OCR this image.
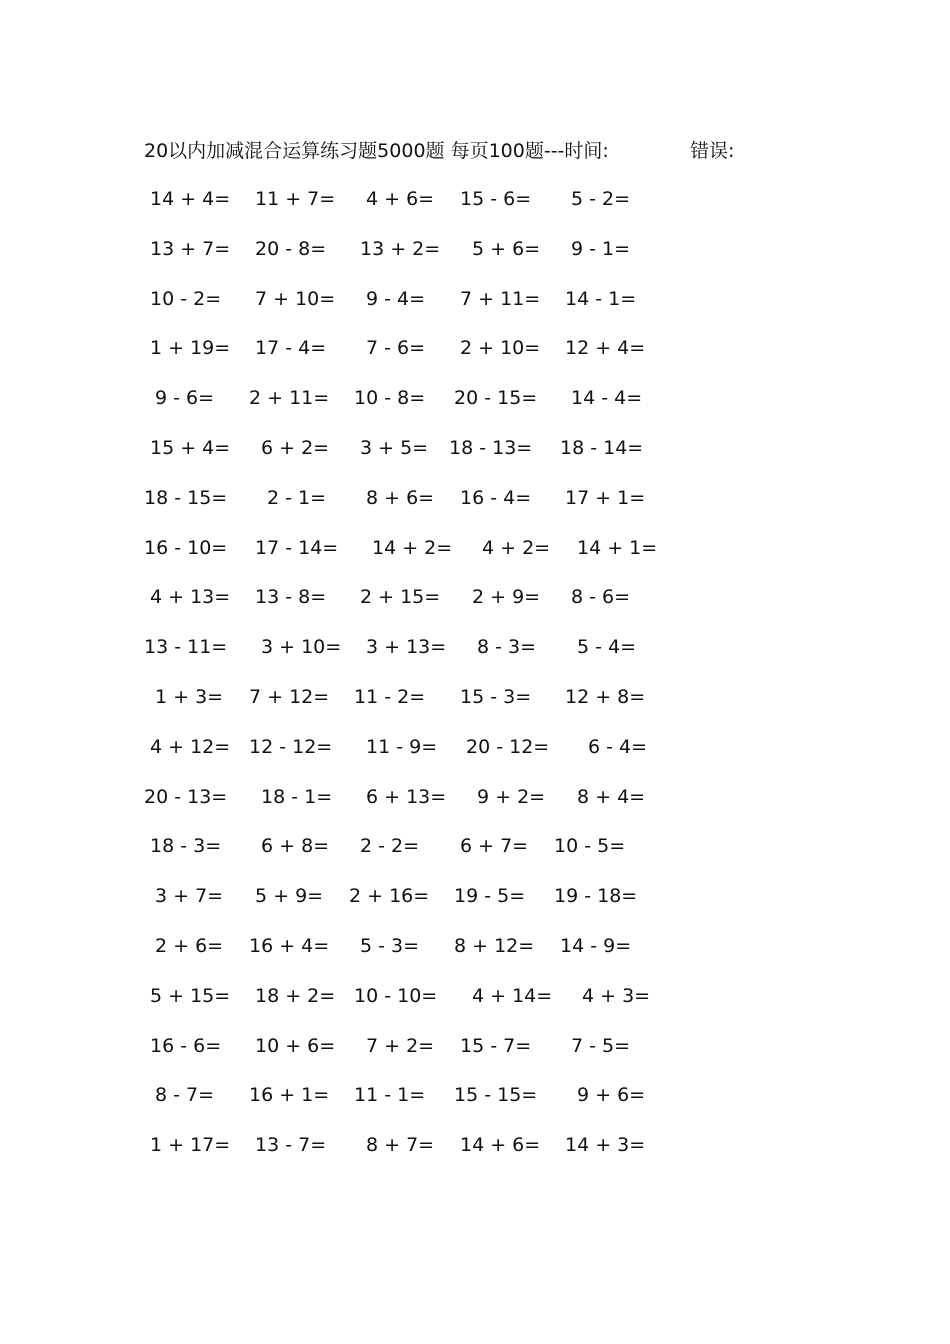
20以内加减混合运算练习题5000题 每页100题---时间:	错误:
14 + 4= 11 + 7= 4 + 6= 15 - 6= 5 - 2=
13 + 7= 20 - 8= 13 + 2= 5 + 6= 9 - 1=
10 - 2= 7 + 10= 9 - 4= 7 + 11= 14 - 1=
1 + 19= 17 - 4= 7 - 6= 2 + 10= 12 + 4=
9 - 6= 2 + 11= 10 - 8= 20 - 15= 14 - 4=
15 + 4= 6 + 2= 3 + 5= 18 - 13= 18 - 14=
18 - 15= 2 - 1= 8 + 6= 16 - 4= 17 + 1=
16 - 10= 17 - 14= 14 + 2= 4 + 2= 14 + 1=
4 + 13= 13 - 8= 2 + 15= 2 + 9= 8 - 6=
13 - 11= 3 + 10= 3 + 13= 8 - 3= 5 - 4=
1 + 3= 7 + 12= 11 - 2= 15 - 3= 12 + 8=
4 + 12= 12 - 12= 11 - 9= 20 - 12= 6 - 4=
20 - 13= 18 - 1= 6 + 13= 9 + 2= 8 + 4=
18 - 3= 6 + 8= 2 - 2= 6 + 7= 10 - 5=
3 + 7= 5 + 9= 2 + 16= 19 - 5= 19 - 18=
2 + 6= 16 + 4= 5 - 3= 8 + 12= 14 - 9=
5 + 15= 18 + 2= 10 - 10= 4 + 14= 4 + 3=
16 - 6= 10 + 6= 7 + 2= 15 - 7= 7 - 5=
8 - 7= 16 + 1= 11 - 1= 15 - 15= 9 + 6=
1 + 17= 13 - 7= 8 + 7= 14 + 6= 14 + 3=
